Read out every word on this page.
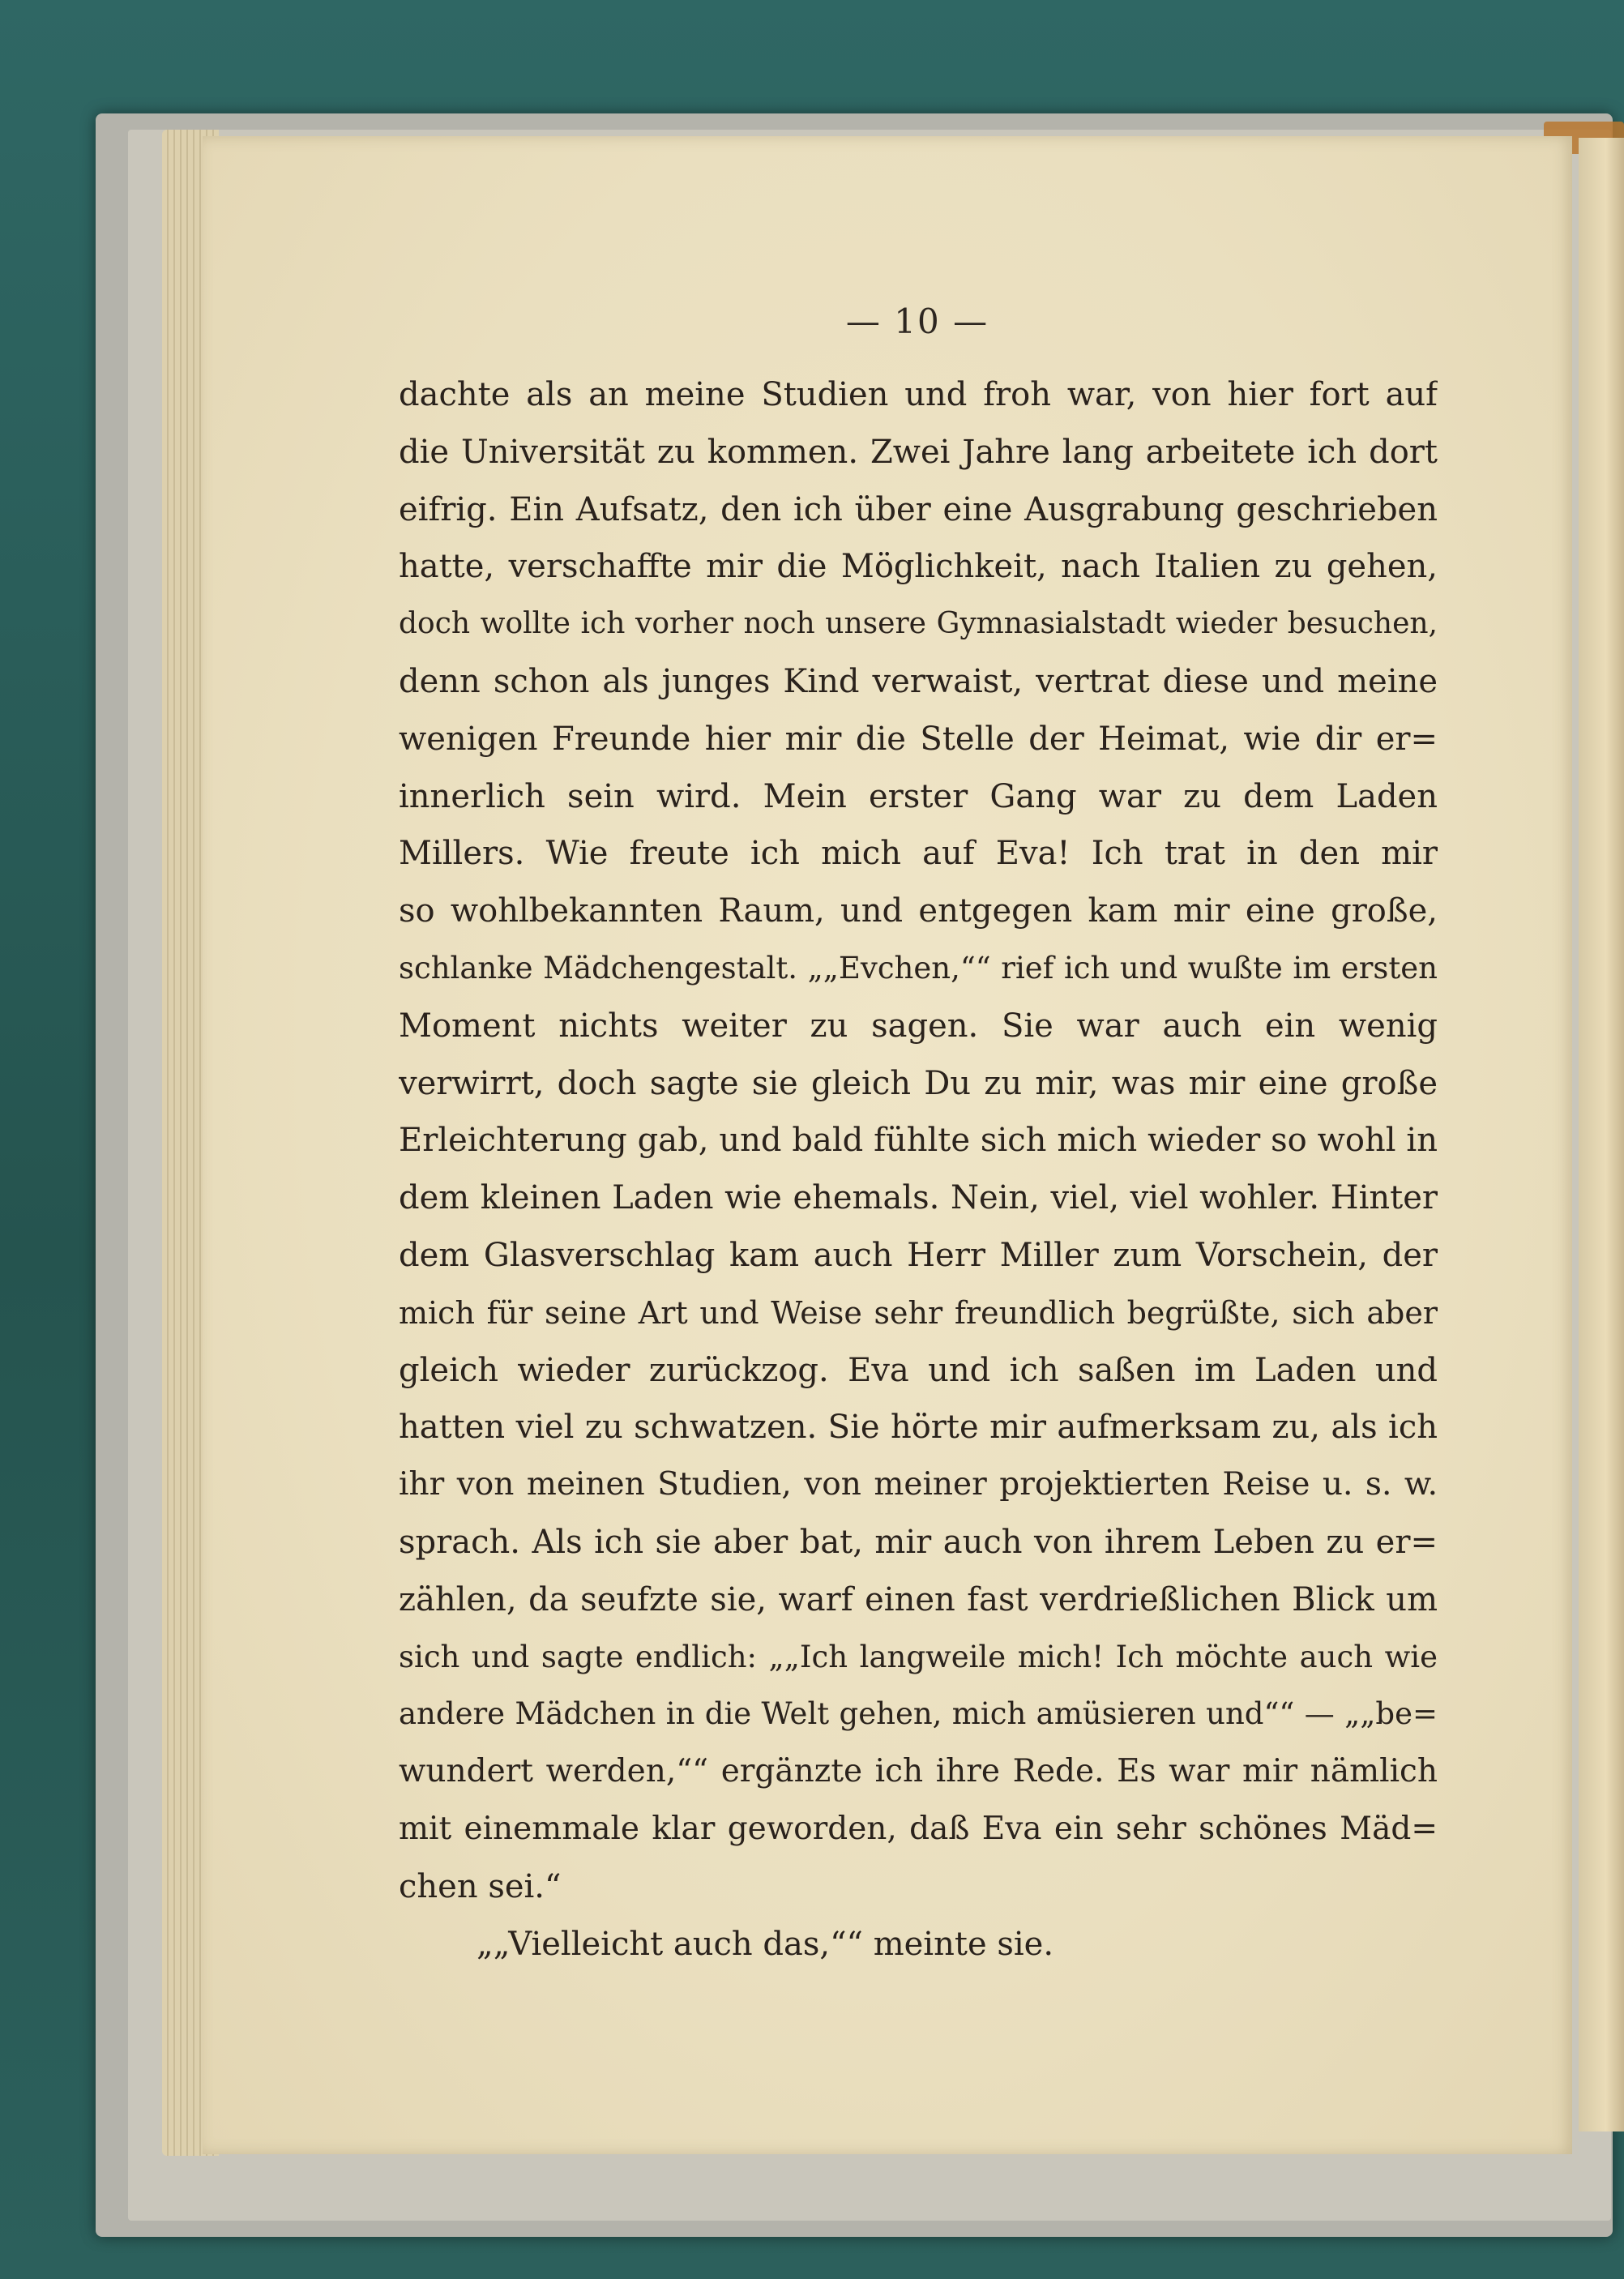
— 10 —
dachte als an meine Studien und froh war, von hier fort auf
die Universität zu kommen. Zwei Jahre lang arbeitete ich dort
eifrig. Ein Aufsatz, den ich über eine Ausgrabung geschrieben
hatte, verschaffte mir die Möglichkeit, nach Italien zu gehen,
doch wollte ich vorher noch unsere Gymnasialstadt wieder besuchen,
denn schon als junges Kind verwaist, vertrat diese und meine
wenigen Freunde hier mir die Stelle der Heimat, wie dir er=
innerlich sein wird. Mein erster Gang war zu dem Laden
Millers. Wie freute ich mich auf Eva! Ich trat in den mir
so wohlbekannten Raum, und entgegen kam mir eine große,
schlanke Mädchengestalt. „„Evchen,““ rief ich und wußte im ersten
Moment nichts weiter zu sagen. Sie war auch ein wenig
verwirrt, doch sagte sie gleich Du zu mir, was mir eine große
Erleichterung gab, und bald fühlte sich mich wieder so wohl in
dem kleinen Laden wie ehemals. Nein, viel, viel wohler. Hinter
dem Glasverschlag kam auch Herr Miller zum Vorschein, der
mich für seine Art und Weise sehr freundlich begrüßte, sich aber
gleich wieder zurückzog. Eva und ich saßen im Laden und
hatten viel zu schwatzen. Sie hörte mir aufmerksam zu, als ich
ihr von meinen Studien, von meiner projektierten Reise u. s. w.
sprach. Als ich sie aber bat, mir auch von ihrem Leben zu er=
zählen, da seufzte sie, warf einen fast verdrießlichen Blick um
sich und sagte endlich: „„Ich langweile mich! Ich möchte auch wie
andere Mädchen in die Welt gehen, mich amüsieren und““ — „„be=
wundert werden,““ ergänzte ich ihre Rede. Es war mir nämlich
mit einemmale klar geworden, daß Eva ein sehr schönes Mäd=
chen sei.“
„„Vielleicht auch das,““ meinte sie.
